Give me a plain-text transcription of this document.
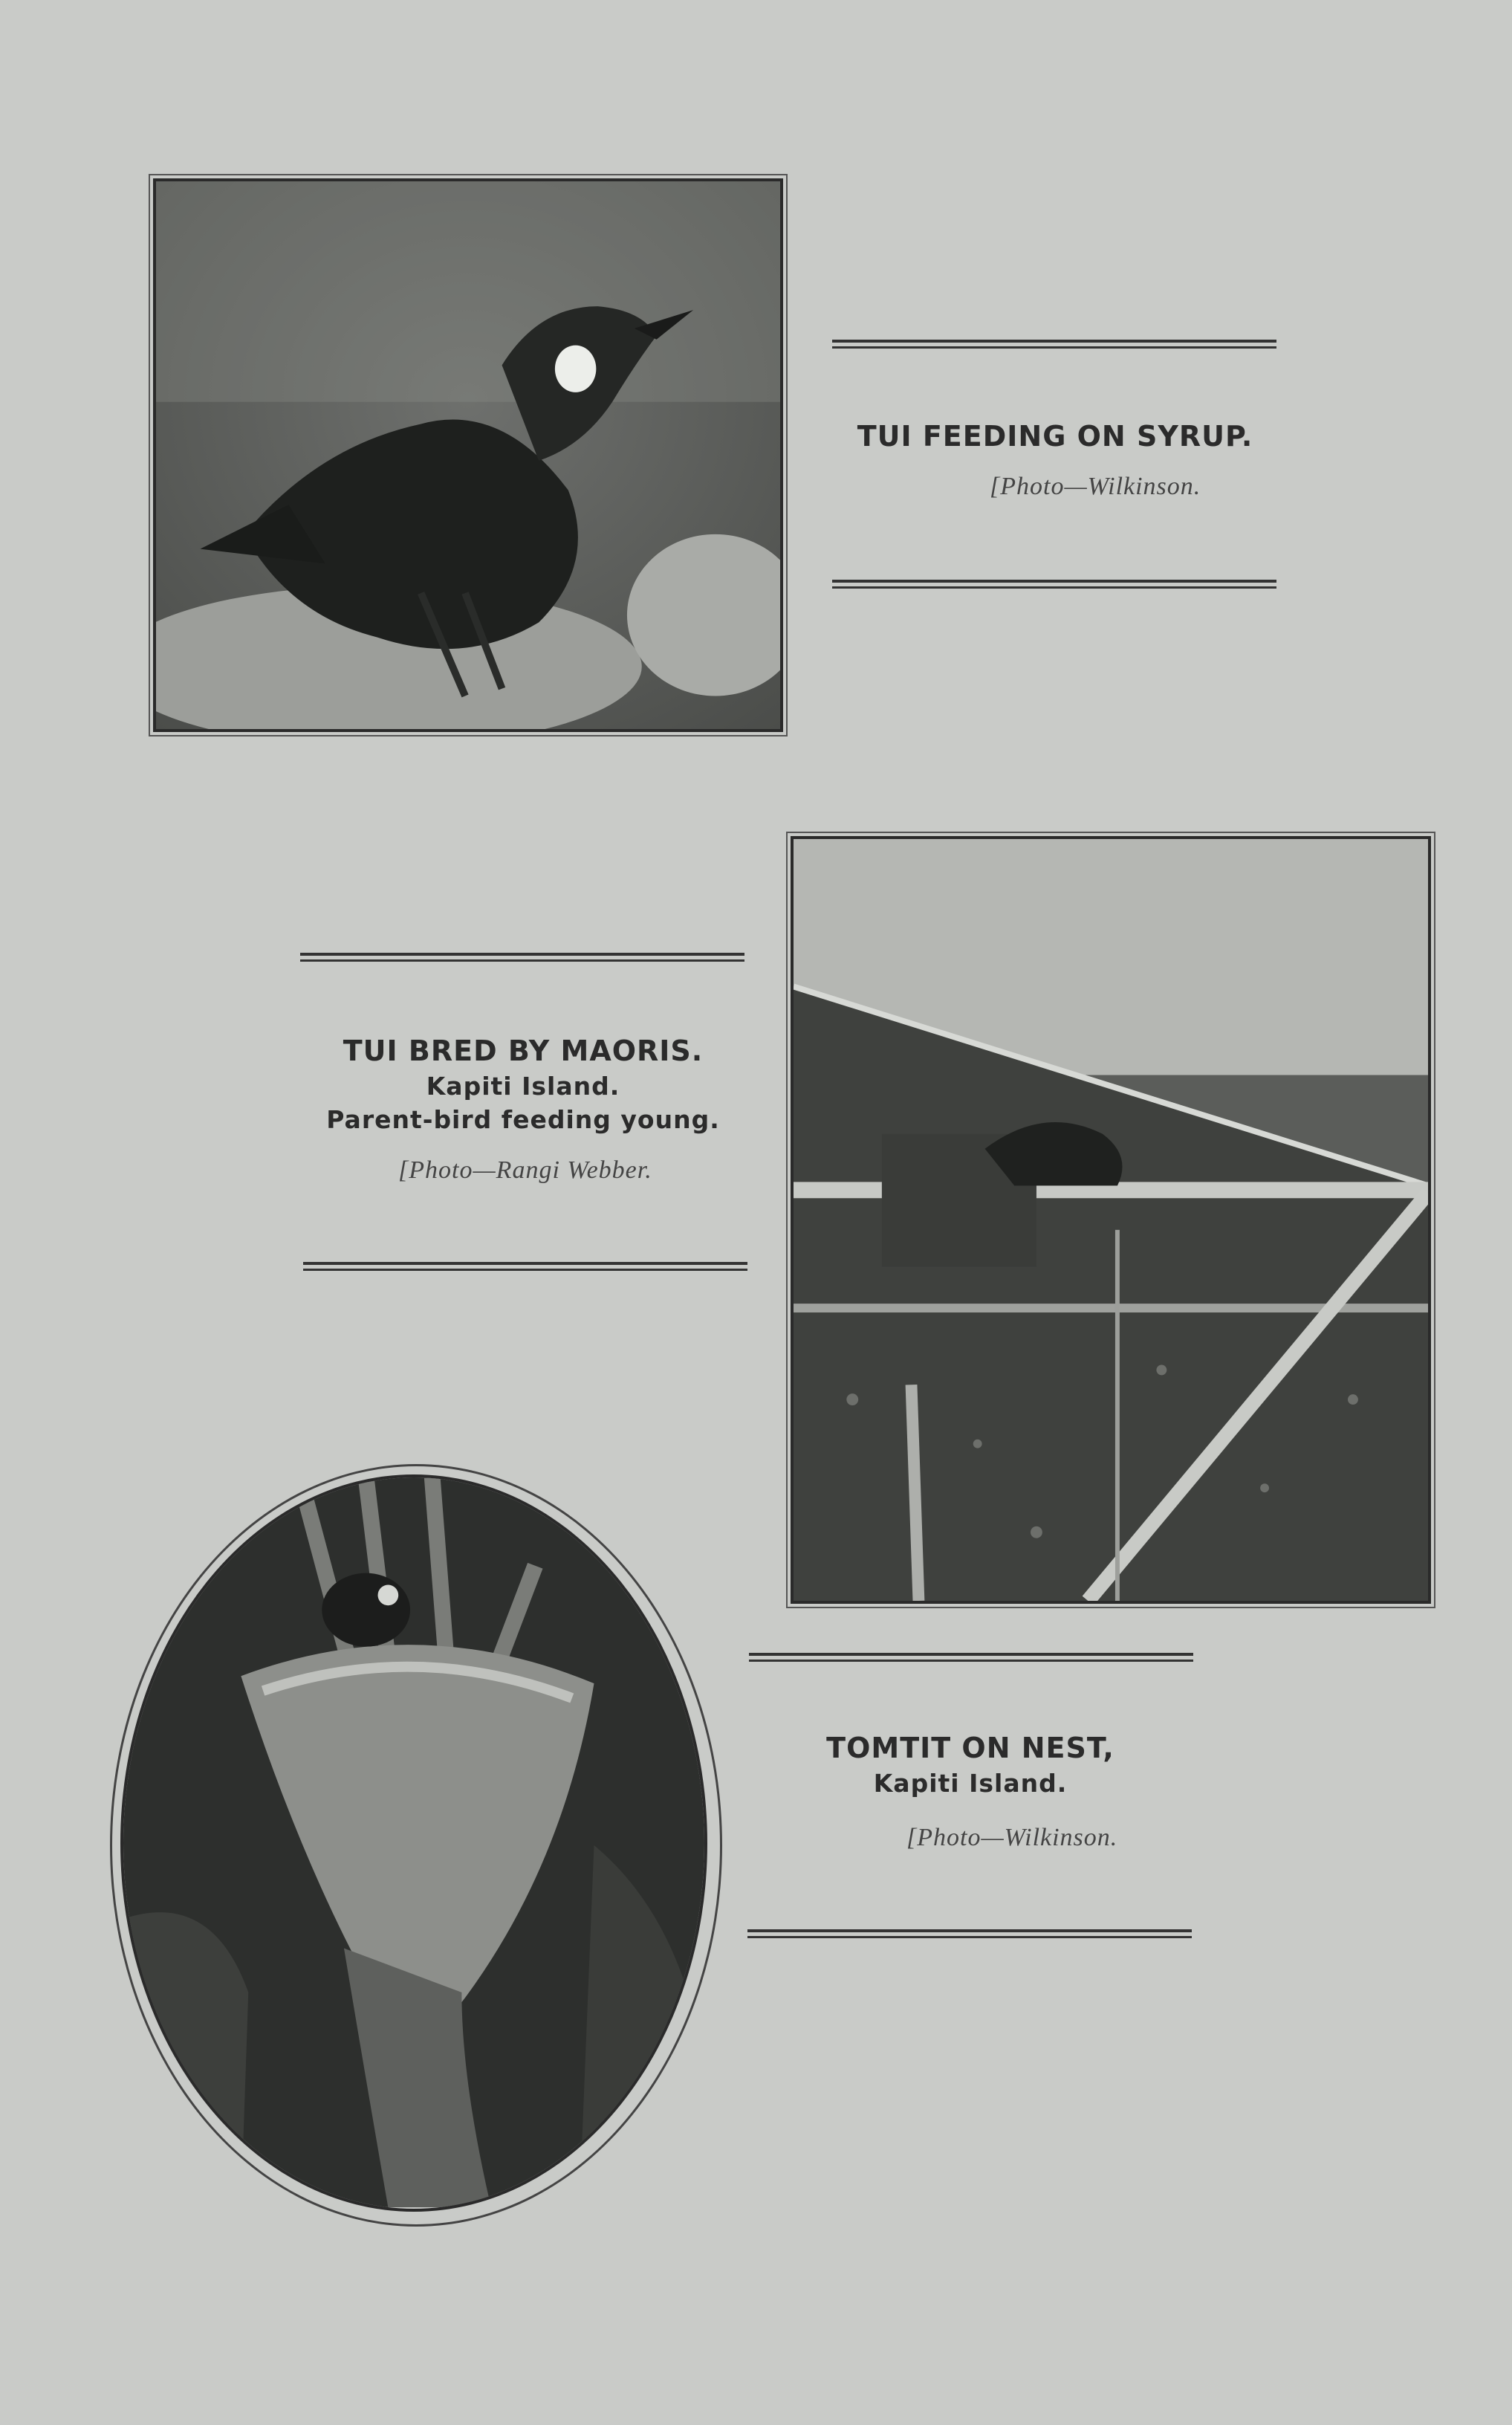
TUI FEEDING ON SYRUP.
[Photo—Wilkinson.
TUI BRED BY MAORIS.
Kapiti Island.
Parent-bird feeding young.
[Photo—Rangi Webber.
TOMTIT ON NEST,
Kapiti Island.
[Photo—Wilkinson.
